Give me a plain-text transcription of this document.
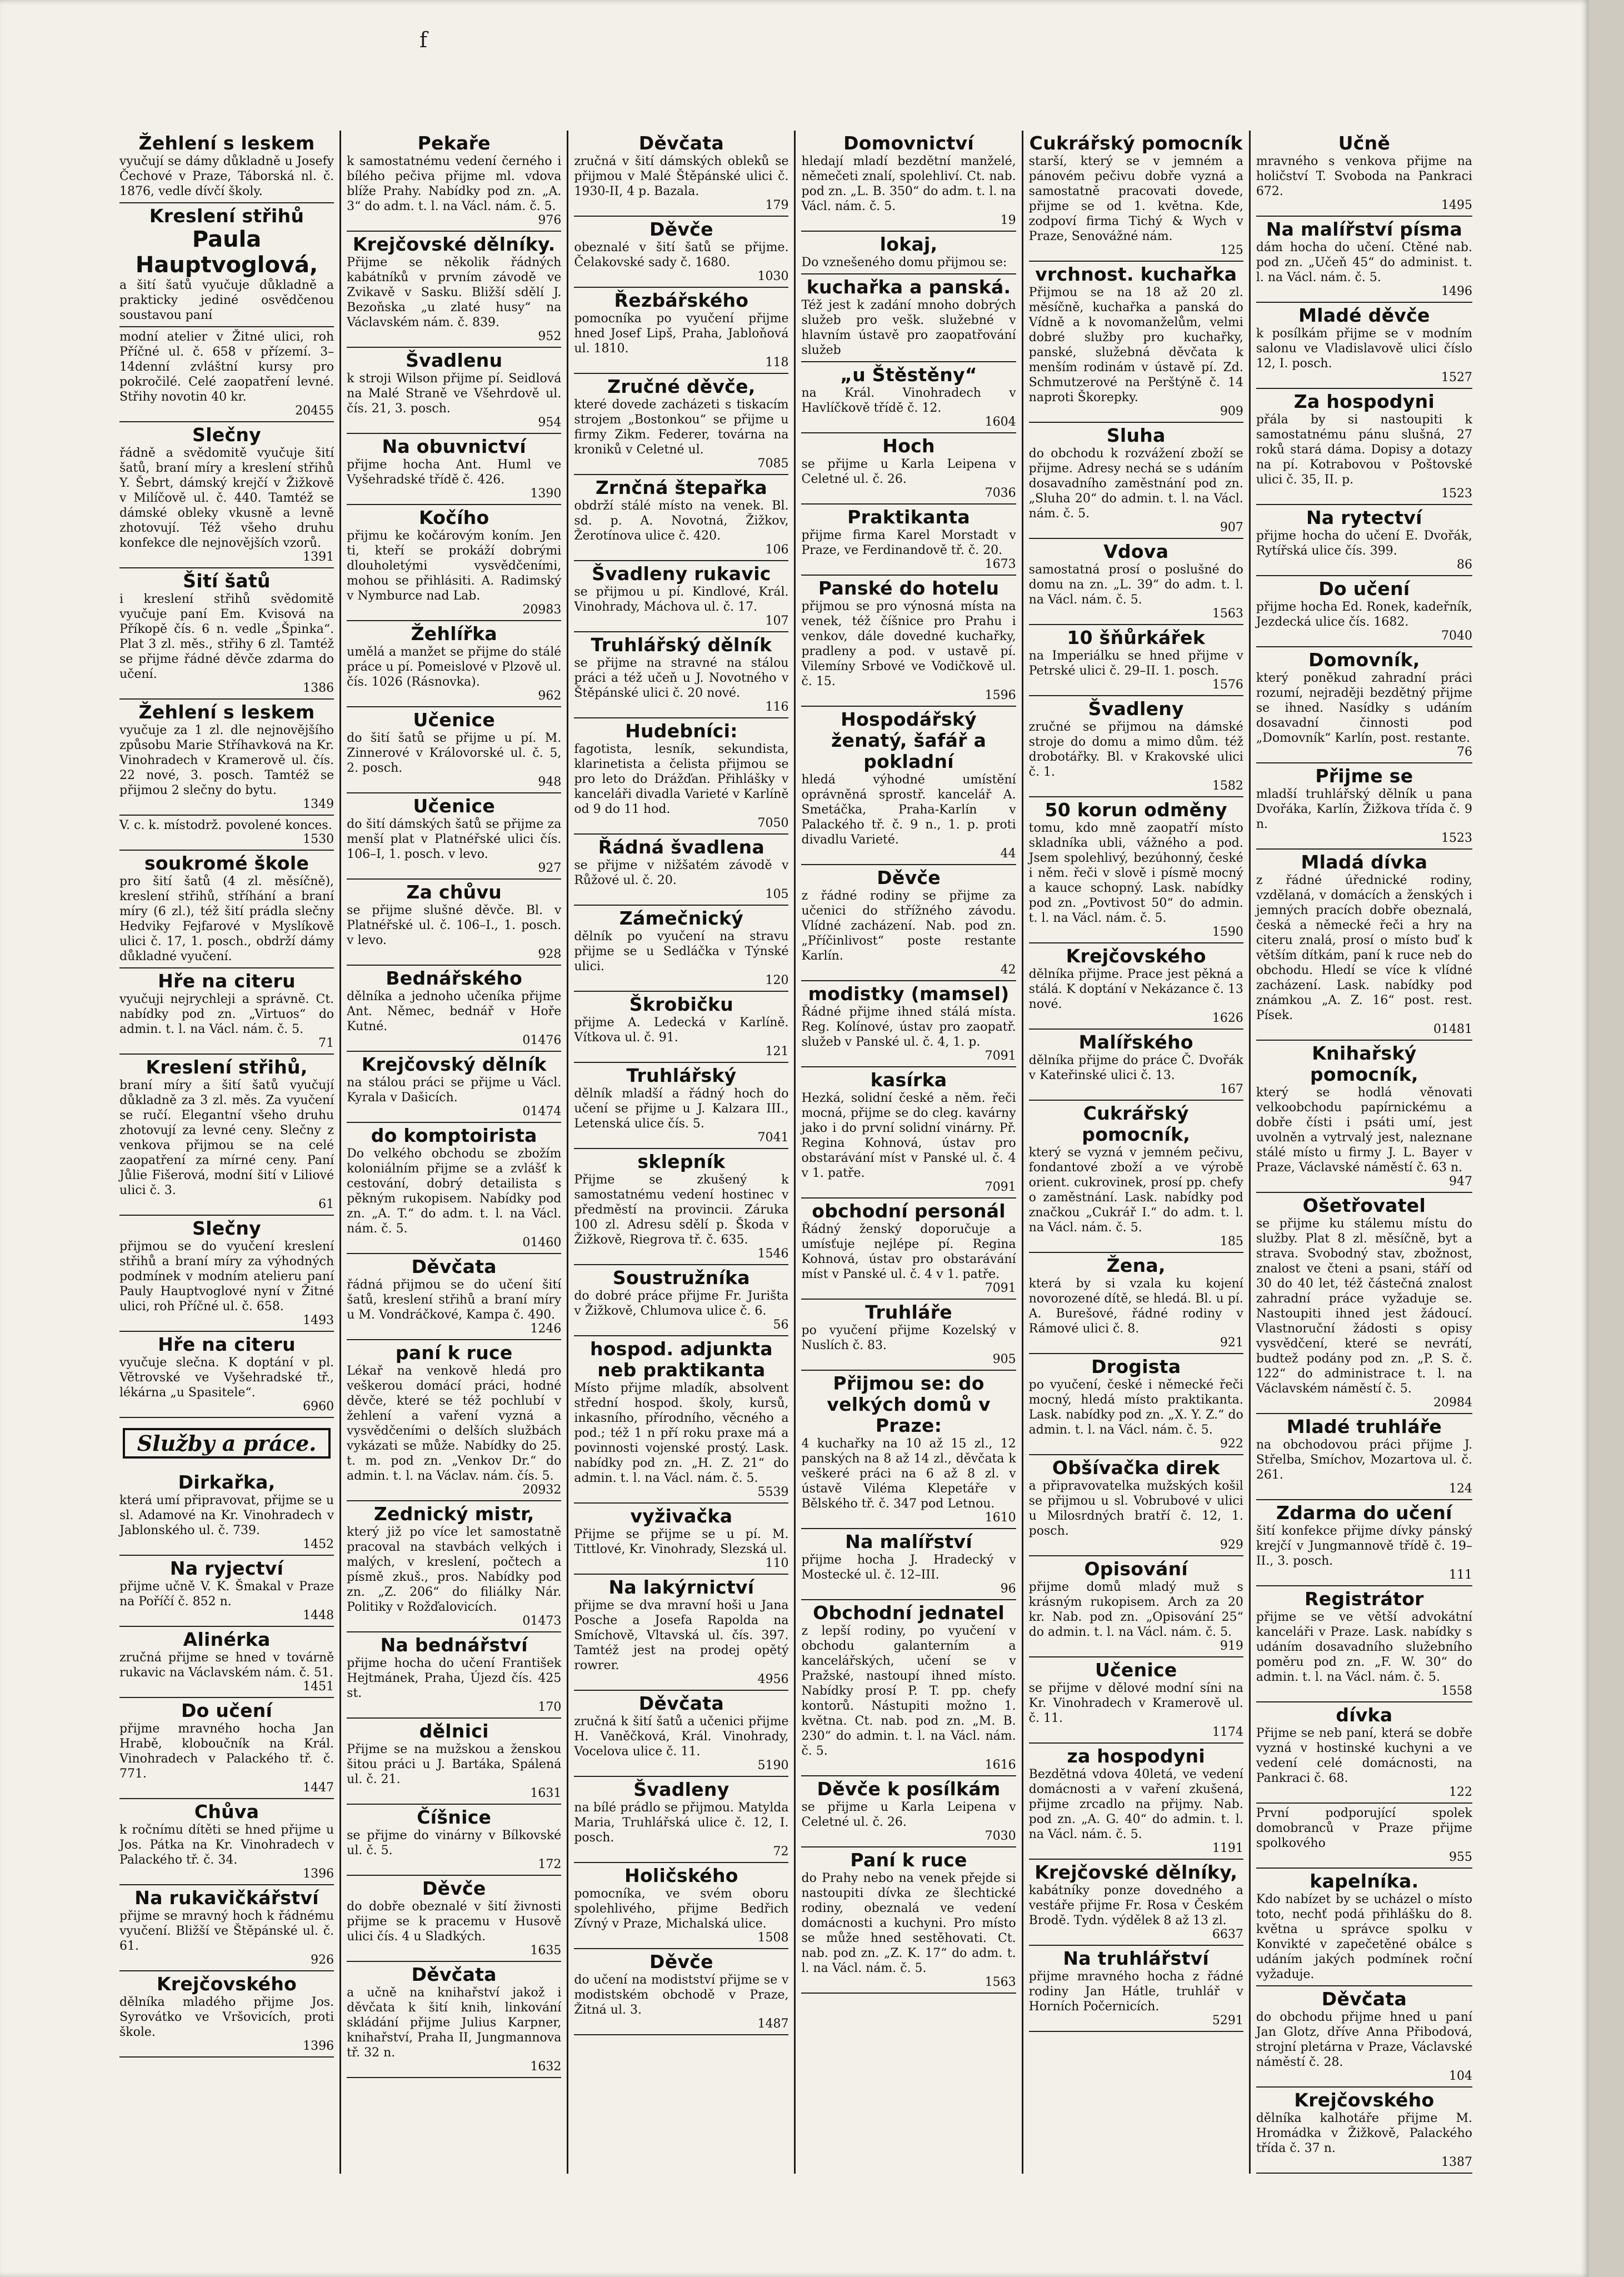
f
Žehlení s leskem
vyučují se dámy důkladně u Josefy Čechové v Praze, Táborská nl. č. 1876, vedle dívčí školy.
Kreslení střihů
Paula Hauptvoglová,
a šití šatů vyučuje důkladně a prakticky jediné osvědčenou soustavou paní
modní atelier v Žitné ulici, roh Příčné ul. č. 658 v přízemí. 3–14denní zvláštní kursy pro pokročilé. Celé zaopatření levné. Střihy novotin 40 kr.
20455
Slečny
řádně a svědomitě vyučuje šití šatů, braní míry a kreslení střihů Y. Šebrt, dámský krejčí v Žižkově v Milíčově ul. č. 440. Tamtéž se dámské obleky vkusně a levně zhotovují. Též všeho druhu konfekce dle nejnovějších vzorů.
1391
Šití šatů
i kreslení střihů svědomitě vyučuje paní Em. Kvisová na Příkopě čís. 6 n. vedle „Špinka“. Plat 3 zl. měs., střihy 6 zl. Tamtéž se přijme řádné děvče zdarma do učení.
1386
Žehlení s leskem
vyučuje za 1 zl. dle nejnovějšího způsobu Marie Stříhavková na Kr. Vinohradech v Kramerově ul. čís. 22 nové, 3. posch. Tamtéž se přijmou 2 slečny do bytu.
1349
V. c. k. místodrž. povolené konces.
1530
soukromé škole
pro šití šatů (4 zl. měsíčně), kreslení střihů, stříhání a braní míry (6 zl.), též šití prádla slečny Hedviky Fejfarové v Myslíkově ulici č. 17, 1. posch., obdrží dámy důkladné vyučení.
Hře na citeru
vyučuji nejrychleji a správně. Ct. nabídky pod zn. „Virtuos“ do admin. t. l. na Václ. nám. č. 5.
71
Kreslení střihů,
braní míry a šití šatů vyučují důkladně za 3 zl. měs. Za vyučení se ručí. Elegantní všeho druhu zhotovují za levné ceny. Slečny z venkova přijmou se na celé zaopatření za mírné ceny. Paní Jůlie Fišerová, modní šití v Liliové ulici č. 3.
61
Slečny
přijmou se do vyučení kreslení střihů a braní míry za výhodných podmínek v modním atelieru paní Pauly Hauptvoglové nyní v Žitné ulici, roh Příčné ul. č. 658.
1493
Hře na citeru
vyučuje slečna. K doptání v pl. Větrovské ve Vyšehradské tř., lékárna „u Spasitele“.
6960
Služby a práce.
Dirkařka,
která umí připravovat, přijme se u sl. Adamové na Kr. Vinohradech v Jablonského ul. č. 739.
1452
Na ryjectví
přijme učně V. K. Šmakal v Praze na Poříčí č. 852 n.
1448
Alinérka
zručná přijme se hned v továrně rukavic na Václavském nám. č. 51.
1451
Do učení
přijme mravného hocha Jan Hrabě, kloboučník na Král. Vinohradech v Palackého tř. č. 771.
1447
Chůva
k ročnímu dítěti se hned přijme u Jos. Pátka na Kr. Vinohradech v Palackého tř. č. 34.
1396
Na rukavičkářství
přijme se mravný hoch k řádnému vyučení. Bližší ve Štěpánské ul. č. 61.
926
Krejčovského
dělníka mladého přijme Jos. Syrovátko ve Vršovicích, proti škole.
1396
Pekaře
k samostatnému vedení černého i bílého pečiva přijme ml. vdova blíže Prahy. Nabídky pod zn. „A. 3“ do adm. t. l. na Václ. nám. č. 5.
976
Krejčovské dělníky.
Přijme se několik řádných kabátníků v prvním závodě ve Zvikavě v Sasku. Bližší sdělí J. Bezoňska „u zlaté husy“ na Václavském nám. č. 839.
952
Švadlenu
k stroji Wilson přijme pí. Seidlová na Malé Straně ve Všehrdově ul. čís. 21, 3. posch.
954
Na obuvnictví
přijme hocha Ant. Huml ve Vyšehradské třídě č. 426.
1390
Kočího
přijmu ke kočárovým koním. Jen ti, kteří se prokáží dobrými dlouholetými vysvědčeními, mohou se přihlásiti. A. Radimský v Nymburce nad Lab.
20983
Žehlířka
umělá a manžet se přijme do stálé práce u pí. Pomeislové v Plzově ul. čís. 1026 (Rásnovka).
962
Učenice
do šití šatů se přijme u pí. M. Zinnerové v Královorské ul. č. 5, 2. posch.
948
Učenice
do šití dámských šatů se přijme za menší plat v Platnéřské ulici čís. 106–I, 1. posch. v levo.
927
Za chůvu
se přijme slušné děvče. Bl. v Platnéřské ul. č. 106–I., 1. posch. v levo.
928
Bednářského
dělníka a jednoho učeníka přijme Ant. Němec, bednář v Hoře Kutné.
01476
Krejčovský dělník
na stálou práci se přijme u Václ. Kyrala v Dašicích.
01474
do komptoirista
Do velkého obchodu se zbožím koloniálním přijme se a zvlášť k cestování, dobrý detailista s pěkným rukopisem. Nabídky pod zn. „A. T.“ do adm. t. l. na Václ. nám. č. 5.
01460
Děvčata
řádná přijmou se do učení šití šatů, kreslení střihů a braní míry u M. Vondráčkové, Kampa č. 490.
1246
paní k ruce
Lékař na venkově hledá pro veškerou domácí práci, hodné děvče, které se též pochlubí v žehlení a vaření vyzná a vysvědčeními o delších službách vykázati se může. Nabídky do 25. t. m. pod zn. „Venkov Dr.“ do admin. t. l. na Václav. nám. čís. 5.
20932
Zednický mistr,
který již po více let samostatně pracoval na stavbách velkých i malých, v kreslení, počtech a písmě zkuš., pros. Nabídky pod zn. „Z. 206“ do filiálky Nár. Politiky v Rožďalovicích.
01473
Na bednářství
přijme hocha do učení František Hejtmánek, Praha, Újezd čís. 425 st.
170
dělnici
Přijme se na mužskou a ženskou šitou práci u J. Bartáka, Spálená ul. č. 21.
1631
Číšnice
se přijme do vinárny v Bílkovské ul. č. 5.
172
Děvče
do dobře obeznalé v šití živnosti přijme se k pracemu v Husově ulici čís. 4 u Sladkých.
1635
Děvčata
a učně na knihařství jakož i děvčata k šití knih, linkování skládání přijme Julius Karpner, knihařství, Praha II, Jungmannova tř. 32 n.
1632
Děvčata
zručná v šití dámských obleků se přijmou v Malé Štěpánské ulici č. 1930-II, 4 p. Bazala.
179
Děvče
obeznalé v šití šatů se přijme. Čelakovské sady č. 1680.
1030
Řezbářského
pomocníka po vyučení přijme hned Josef Lipš, Praha, Jabloňová ul. 1810.
118
Zručné děvče,
které dovede zacházeti s tiskacím strojem „Bostonkou“ se přijme u firmy Zikm. Federer, továrna na kroniků v Celetné ul.
7085
Zrnčná štepařka
obdrží stálé místo na venek. Bl. sd. p. A. Novotná, Žižkov, Žerotínova ulice č. 420.
106
Švadleny rukavic
se přijmou u pí. Kindlové, Král. Vinohrady, Máchova ul. č. 17.
107
Truhlářský dělník
se přijme na stravné na stálou práci a též učeň u J. Novotného v Štěpánské ulici č. 20 nové.
116
Hudebníci:
fagotista, lesník, sekundista, klarinetista a čelista přijmou se pro leto do Drážďan. Přihlášky v kanceláři divadla Varieté v Karlíně od 9 do 11 hod.
7050
Řádná švadlena
se přijme v nižšatém závodě v Růžové ul. č. 20.
105
Zámečnický
dělník po vyučení na stravu přijme se u Sedláčka v Týnské ulici.
120
Škrobičku
přijme A. Ledecká v Karlíně. Vítkova ul. č. 91.
121
Truhlářský
dělník mladší a řádný hoch do učení se přijme u J. Kalzara III., Letenská ulice čís. 5.
7041
sklepník
Přijme se zkušený k samostatnému vedení hostinec v předměstí na provincii. Záruka 100 zl. Adresu sdělí p. Škoda v Žižkově, Riegrova tř. č. 635.
1546
Soustružníka
do dobré práce přijme Fr. Jurišta v Žižkově, Chlumova ulice č. 6.
56
hospod. adjunkta neb praktikanta
Místo přijme mladík, absolvent střední hospod. školy, kursů, inkasního, přírodního, věcného a pod.; též 1 n pří roku praxe má a povinnosti vojenské prostý. Lask. nabídky pod zn. „H. Z. 21“ do admin. t. l. na Václ. nám. č. 5.
5539
vyživačka
Přijme se přijme se u pí. M. Tittlové, Kr. Vinohrady, Slezská ul.
110
Na lakýrnictví
přijme se dva mravní hoši u Jana Posche a Josefa Rapolda na Smíchově, Vltavská ul. čís. 397. Tamtéž jest na prodej opětý rowrer.
4956
Děvčata
zručná k šití šatů a učenici přijme H. Vaněčková, Král. Vinohrady, Vocelova ulice č. 11.
5190
Švadleny
na bílé prádlo se přijmou. Matylda Maria, Truhlářská ulice č. 12, I. posch.
72
Holičského
pomocníka, ve svém oboru spolehlivého, přijme Bedřich Zívný v Praze, Michalská ulice.
1508
Děvče
do učení na modistství přijme se v modistském obchodě v Praze, Žitná ul. 3.
1487
Domovnictví
hledají mladí bezdětní manželé, němečeti znalí, spolehliví. Ct. nab. pod zn. „L. B. 350“ do adm. t. l. na Václ. nám. č. 5.
19
lokaj,
Do vznešeného domu přijmou se:
kuchařka a panská.
Též jest k zadání mnoho dobrých služeb pro vešk. služebné v hlavním ústavě pro zaopatřování služeb
„u Štěstěny“
na Král. Vinohradech v Havlíčkově třídě č. 12.
1604
Hoch
se přijme u Karla Leipena v Celetné ul. č. 26.
7036
Praktikanta
přijme firma Karel Morstadt v Praze, ve Ferdinandově tř. č. 20.
1673
Panské do hotelu
přijmou se pro výnosná místa na venek, též číšnice pro Prahu i venkov, dále dovedné kuchařky, pradleny a pod. v ustavě pí. Vilemíny Srbové ve Vodičkově ul. č. 15.
1596
Hospodářský ženatý, šafář a pokladní
hledá výhodné umístění oprávněná sprostř. kancelář A. Smetáčka, Praha-Karlín v Palackého tř. č. 9 n., 1. p. proti divadlu Varieté.
44
Děvče
z řádné rodiny se přijme za učenici do střížného závodu. Vlídné zacházení. Nab. pod zn. „Příčinlivost“ poste restante Karlín.
42
modistky (mamsel)
Řádné přijme ihned stálá místa. Reg. Kolínové, ústav pro zaopatř. služeb v Panské ul. č. 4, 1. p.
7091
kasírka
Hezká, solidní české a něm. řeči mocná, přijme se do cleg. kavárny jako i do první solidní vinárny. Př. Regina Kohnová, ústav pro obstarávání míst v Panské ul. č. 4 v 1. patře.
7091
obchodní personál
Řádný ženský doporučuje a umísťuje nejlépe pí. Regina Kohnová, ústav pro obstarávání míst v Panské ul. č. 4 v 1. patře.
7091
Truhláře
po vyučení přijme Kozelský v Nuslích č. 83.
905
Přijmou se: do velkých domů v Praze:
4 kuchařky na 10 až 15 zl., 12 panských na 8 až 14 zl., děvčata k veškeré práci na 6 až 8 zl. v ústavě Viléma Klepetáře v Bělského tř. č. 347 pod Letnou.
1610
Na malířství
přijme hocha J. Hradecký v Mostecké ul. č. 12–III.
96
Obchodní jednatel
z lepší rodiny, po vyučení v obchodu galanterním a kancelářských, učení se v Pražské, nastoupí ihned místo. Nabídky prosí P. T. pp. chefy kontorů. Nástupiti možno 1. května. Ct. nab. pod zn. „M. B. 230“ do admin. t. l. na Václ. nám. č. 5.
1616
Děvče k posílkám
se přijme u Karla Leipena v Celetné ul. č. 26.
7030
Paní k ruce
do Prahy nebo na venek přejde si nastoupiti dívka ze šlechtické rodiny, obeznalá ve vedení domácnosti a kuchyni. Pro místo se může hned sestěhovati. Ct. nab. pod zn. „Z. K. 17“ do adm. t. l. na Václ. nám. č. 5.
1563
Cukrářský pomocník
starší, který se v jemném a pánovém pečivu dobře vyzná a samostatně pracovati dovede, přijme se od 1. května. Kde, zodpoví firma Tichý & Wych v Praze, Senovážné nám.
125
vrchnost. kuchařka
Přijmou se na 18 až 20 zl. měsíčně, kuchařka a panská do Vídně a k novomanželům, velmi dobré služby pro kuchařky, panské, služebná děvčata k menším rodinám v ústavě pí. Zd. Schmutzerové na Perštýně č. 14 naproti Škorepky.
909
Sluha
do obchodu k rozvážení zboží se přijme. Adresy nechá se s udáním dosavadního zaměstnání pod zn. „Sluha 20“ do admin. t. l. na Václ. nám. č. 5.
907
Vdova
samostatná prosí o poslušné do domu na zn. „L. 39“ do adm. t. l. na Václ. nám. č. 5.
1563
10 šňůrkářek
na Imperiálku se hned přijme v Petrské ulici č. 29–II. 1. posch.
1576
Švadleny
zručné se přijmou na dámské stroje do domu a mimo dům. též drobotářky. Bl. v Krakovské ulici č. 1.
1582
50 korun odměny
tomu, kdo mně zaopatří místo skladníka ubli, vážného a pod. Jsem spolehlivý, bezúhonný, české i něm. řeči v slově i písmě mocný a kauce schopný. Lask. nabídky pod zn. „Povtivost 50“ do admin. t. l. na Václ. nám. č. 5.
1590
Krejčovského
dělníka přijme. Prace jest pěkná a stálá. K doptání v Nekázance č. 13 nové.
1626
Malířského
dělníka přijme do práce Č. Dvořák v Kateřinské ulici č. 13.
167
Cukrářský pomocník,
který se vyzná v jemném pečivu, fondantové zboží a ve výrobě orient. cukrovinek, prosí pp. chefy o zaměstnání. Lask. nabídky pod značkou „Cukrář I.“ do adm. t. l. na Václ. nám. č. 5.
185
Žena,
která by si vzala ku kojení novorozené dítě, se hledá. Bl. u pí. A. Burešové, řádné rodiny v Rámové ulici č. 8.
921
Drogista
po vyučení, české i německé řeči mocný, hledá místo praktikanta. Lask. nabídky pod zn. „X. Y. Z.“ do admin. t. l. na Václ. nám. č. 5.
922
Obšívačka direk
a připravovatelka mužských košil se přijmou u sl. Vobrubové v ulici u Milosrdných bratří č. 12, 1. posch.
929
Opisování
přijme domů mladý muž s krásným rukopisem. Arch za 20 kr. Nab. pod zn. „Opisování 25“ do admin. t. l. na Václ. nám. č. 5.
919
Učenice
se přijme v dělové modní síni na Kr. Vinohradech v Kramerově ul. č. 11.
1174
za hospodyni
Bezdětná vdova 40letá, ve vedení domácnosti a v vaření zkušená, přijme zrcadlo na přijmy. Nab. pod zn. „A. G. 40“ do admin. t. l. na Václ. nám. č. 5.
1191
Krejčovské dělníky,
kabátníky ponze dovedného a vestáře přijme Fr. Rosa v Českém Brodě. Tydn. výdělek 8 až 13 zl.
6637
Na truhlářství
přijme mravného hocha z řádné rodiny Jan Hátle, truhlář v Horních Počernicích.
5291
Učně
mravného s venkova přijme na holičství T. Svoboda na Pankraci 672.
1495
Na malířství písma
dám hocha do učení. Ctěné nab. pod zn. „Učeň 45“ do administ. t. l. na Václ. nám. č. 5.
1496
Mladé děvče
k posílkám přijme se v modním salonu ve Vladislavově ulici číslo 12, I. posch.
1527
Za hospodyni
přála by si nastoupiti k samostatnému pánu slušná, 27 roků stará dáma. Dopisy a dotazy na pí. Kotrabovou v Poštovské ulici č. 35, II. p.
1523
Na rytectví
přijme hocha do učení E. Dvořák, Rytířská ulice čís. 399.
86
Do učení
přijme hocha Ed. Ronek, kadeřník, Jezdecká ulice čís. 1682.
7040
Domovník,
který poněkud zahradní práci rozumí, nejraději bezdětný přijme se ihned. Nasídky s udáním dosavadní činnosti pod „Domovník“ Karlín, post. restante.
76
Přijme se
mladší truhlářský dělník u pana Dvořáka, Karlín, Žižkova třída č. 9 n.
1523
Mladá dívka
z řádné úřednické rodiny, vzdělaná, v domácích a ženských i jemných pracích dobře obeznalá, česká a německé řeči a hry na citeru znalá, prosí o místo buď k větším dítkám, paní k ruce neb do obchodu. Hledí se více k vlídné zacházení. Lask. nabídky pod známkou „A. Z. 16“ post. rest. Písek.
01481
Knihařský pomocník,
který se hodlá věnovati velkoobchodu papírnickému a dobře čísti i psáti umí, jest uvolněn a vytrvalý jest, naleznane stálé místo u firmy J. L. Bayer v Praze, Václavské náměstí č. 63 n.
947
Ošetřovatel
se přijme ku stálemu místu do služby. Plat 8 zl. měsíčně, byt a strava. Svobodný stav, zbožnost, znalost ve čteni a psani, stáří od 30 do 40 let, též částečná znalost zahradní práce vyžaduje se. Nastoupiti ihned jest žádoucí. Vlastnoruční žádosti s opisy vysvědčení, které se nevrátí, budtež podány pod zn. „P. S. č. 122“ do administrace t. l. na Václavském náměstí č. 5.
20984
Mladé truhláře
na obchodovou práci přijme J. Střelba, Smíchov, Mozartova ul. č. 261.
124
Zdarma do učení
šití konfekce přijme dívky pánský krejčí v Jungmannově třídě č. 19–II., 3. posch.
111
Registrátor
přijme se ve větší advokátní kanceláři v Praze. Lask. nabídky s udáním dosavadního služebního poměru pod zn. „F. W. 30“ do admin. t. l. na Václ. nám. č. 5.
1558
dívka
Přijme se neb paní, která se dobře vyzná v hostinské kuchyni a ve vedení celé domácnosti, na Pankraci č. 68.
122
První podporující spolek domobranců v Praze přijme spolkového
955
kapelníka.
Kdo nabízet by se ucházel o místo toto, nechť podá přihlášku do 8. května u správce spolku v Konvikté v zapečetěné obálce s udáním jakých podmínek roční vyžaduje.
Děvčata
do obchodu přijme hned u paní Jan Glotz, dříve Anna Přibodová, strojní pletárna v Praze, Václavské náměstí č. 28.
104
Krejčovského
dělníka kalhotáře přijme M. Hromádka v Žižkově, Palackého třída č. 37 n.
1387
